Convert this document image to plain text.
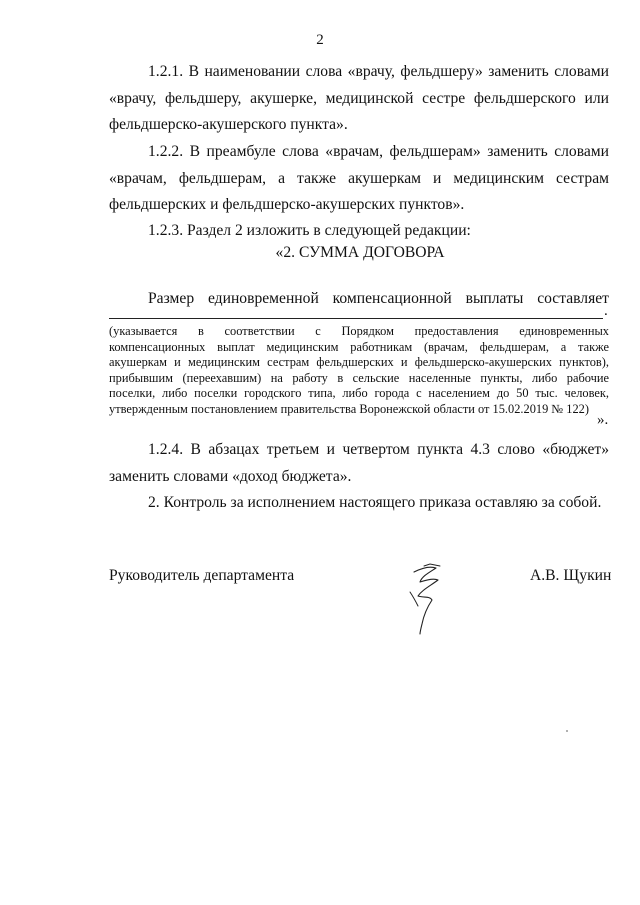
2
1.2.1. В наименовании слова «врачу, фельдшеру» заменить словами
«врачу, фельдшеру, акушерке, медицинской сестре фельдшерского или
фельдшерско-акушерского пункта».
1.2.2. В преамбуле слова «врачам, фельдшерам» заменить словами
«врачам, фельдшерам, а также акушеркам и медицинским сестрам
фельдшерских и фельдшерско-акушерских пунктов».
1.2.3. Раздел 2 изложить в следующей редакции:
«2. СУММА ДОГОВОРА
Размер единовременной компенсационной выплаты составляет
.
(указывается в соответствии с Порядком предоставления единовременных
компенсационных выплат медицинским работникам (врачам, фельдшерам, а также
акушеркам и медицинским сестрам фельдшерских и фельдшерско-акушерских пунктов),
прибывшим (переехавшим) на работу в сельские населенные пункты, либо рабочие
поселки, либо поселки городского типа, либо города с населением до 50 тыс. человек,
утвержденным постановлением правительства Воронежской области от 15.02.2019 № 122)
».
1.2.4. В абзацах третьем и четвертом пункта 4.3 слово «бюджет»
заменить словами «доход бюджета».
2. Контроль за исполнением настоящего приказа оставляю за собой.
Руководитель департамента	А.В. Щукин
